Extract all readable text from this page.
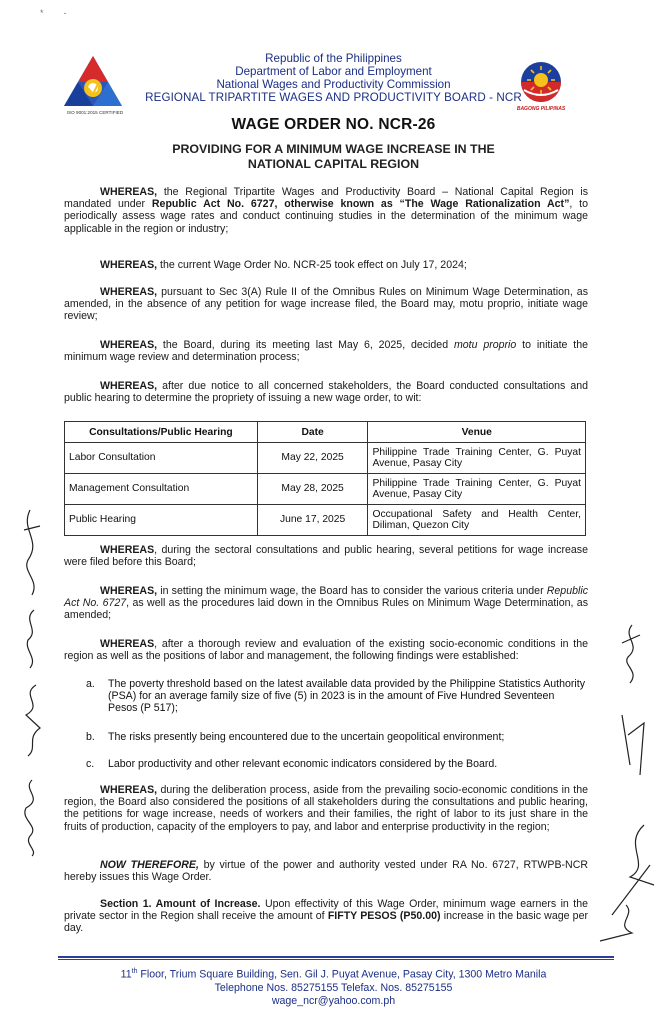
*        -
ISO 9001:2015 CERTIFIED
BAGONG PILIPINAS
Republic of the Philippines
Department of Labor and Employment
National Wages and Productivity Commission
REGIONAL TRIPARTITE WAGES AND PRODUCTIVITY BOARD - NCR
WAGE ORDER NO. NCR-26
PROVIDING FOR A MINIMUM WAGE INCREASE IN THE
NATIONAL CAPITAL REGION

WHEREAS, the Regional Tripartite Wages and Productivity Board – National Capital Region is mandated under Republic Act No. 6727, otherwise known as “The Wage Rationalization Act”, to periodically assess wage rates and conduct continuing studies in the determination of the minimum wage applicable in the region or industry;

WHEREAS, the current Wage Order No. NCR-25 took effect on July 17, 2024;

WHEREAS, pursuant to Sec 3(A) Rule II of the Omnibus Rules on Minimum Wage Determination, as amended, in the absence of any petition for wage increase filed, the Board may, motu proprio, initiate wage review;

WHEREAS, the Board, during its meeting last May 6, 2025, decided motu proprio to initiate the minimum wage review and determination process;

WHEREAS, after due notice to all concerned stakeholders, the Board conducted consultations and public hearing to determine the propriety of issuing a new wage order, to wit:

Consultations/Public Hearing	Date	Venue
Labor Consultation	May 22, 2025	Philippine Trade Training Center, G. Puyat Avenue, Pasay City
Management Consultation	May 28, 2025	Philippine Trade Training Center, G. Puyat Avenue, Pasay City
Public Hearing	June 17, 2025	Occupational Safety and Health Center, Diliman, Quezon City

WHEREAS, during the sectoral consultations and public hearing, several petitions for wage increase were filed before this Board;

WHEREAS, in setting the minimum wage, the Board has to consider the various criteria under Republic Act No. 6727, as well as the procedures laid down in the Omnibus Rules on Minimum Wage Determination, as amended;

WHEREAS, after a thorough review and evaluation of the existing socio-economic conditions in the region as well as the positions of labor and management, the following findings were established:

a. The poverty threshold based on the latest available data provided by the Philippine Statistics Authority (PSA) for an average family size of five (5) in 2023 is in the amount of Five Hundred Seventeen Pesos (P 517);
b. The risks presently being encountered due to the uncertain geopolitical environment;
c. Labor productivity and other relevant economic indicators considered by the Board.

WHEREAS, during the deliberation process, aside from the prevailing socio-economic conditions in the region, the Board also considered the positions of all stakeholders during the consultations and public hearing, the petitions for wage increase, needs of workers and their families, the right of labor to its just share in the fruits of production, capacity of the employers to pay, and labor and enterprise productivity in the region;

NOW THEREFORE, by virtue of the power and authority vested under RA No. 6727, RTWPB-NCR hereby issues this Wage Order.

Section 1. Amount of Increase. Upon effectivity of this Wage Order, minimum wage earners in the private sector in the Region shall receive the amount of FIFTY PESOS (P50.00) increase in the basic wage per day.

11th Floor, Trium Square Building, Sen. Gil J. Puyat Avenue, Pasay City, 1300 Metro Manila
Telephone Nos. 85275155 Telefax. Nos. 85275155
wage_ncr@yahoo.com.ph
